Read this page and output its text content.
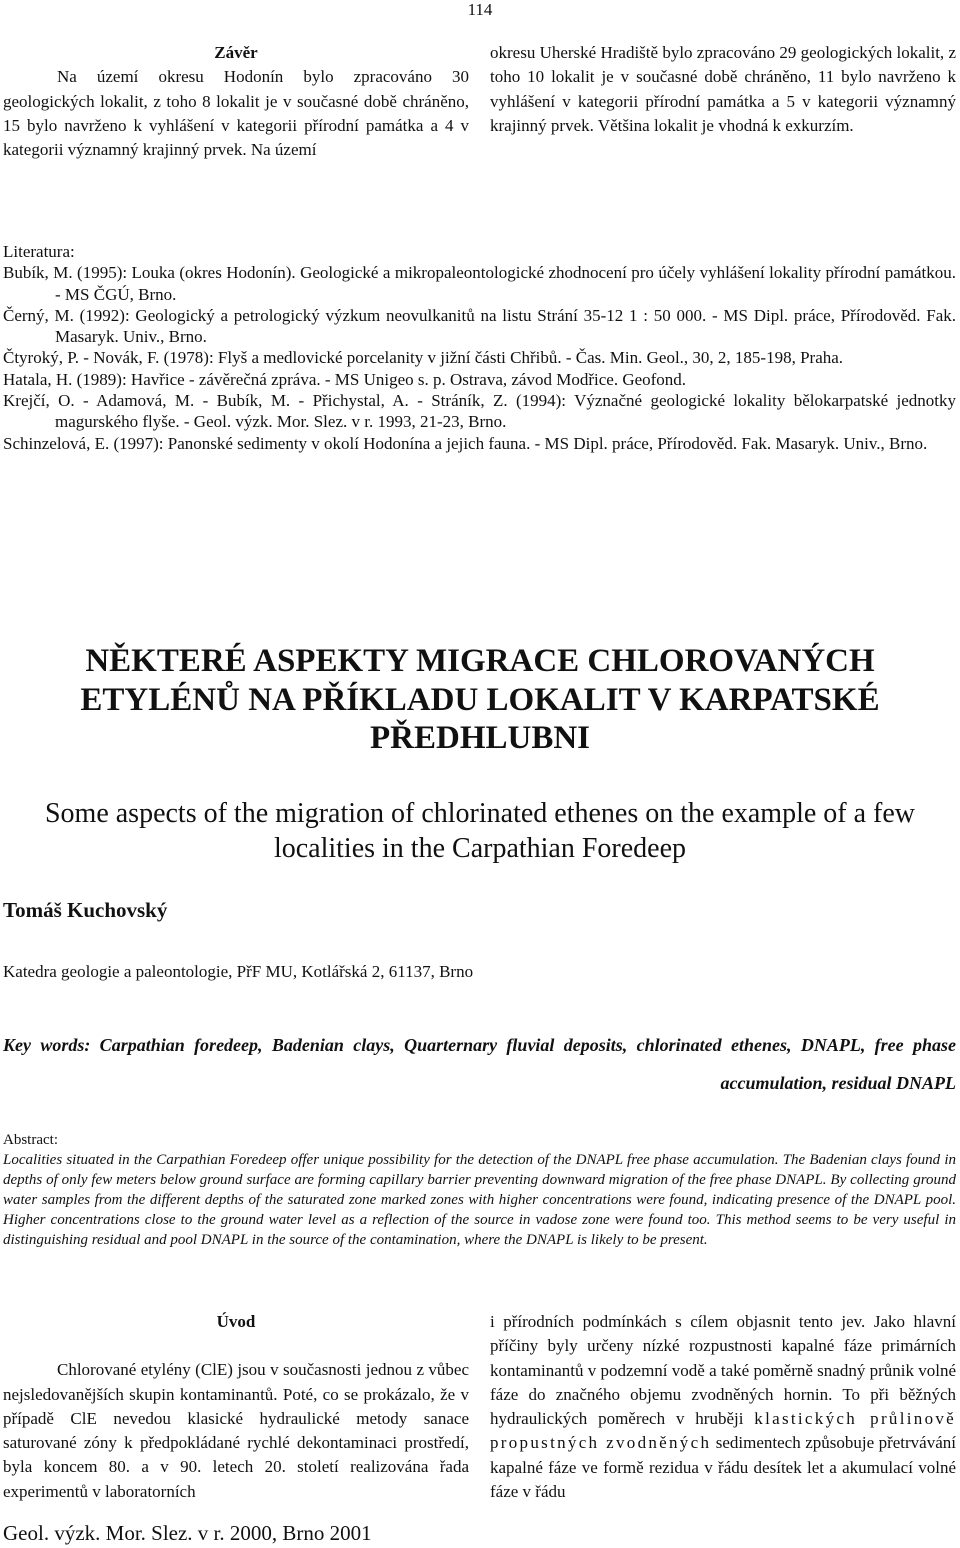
114
Závěr

Na území okresu Hodonín bylo zpracováno 30 geologických lokalit, z toho 8 lokalit je v současné době chráněno, 15 bylo navrženo k vyhlášení v kategorii přírodní památka a 4 v kategorii významný krajinný prvek. Na území

okresu Uherské Hradiště bylo zpracováno 29 geologických lokalit, z toho 10 lokalit je v současné době chráněno, 11 bylo navrženo k vyhlášení v kategorii přírodní památka a 5 v kategorii významný krajinný prvek. Většina lokalit je vhodná k exkurzím.

Literatura:

Bubík, M. (1995): Louka (okres Hodonín). Geologické a mikropaleontologické zhodnocení pro účely vyhlášení lokality přírodní památkou. - MS ČGÚ, Brno.

Černý, M. (1992): Geologický a petrologický výzkum neovulkanitů na listu Strání 35-12 1 : 50 000. - MS Dipl. práce, Přírodověd. Fak. Masaryk. Univ., Brno.

Čtyroký, P. - Novák, F. (1978): Flyš a medlovické porcelanity v jižní části Chřibů. - Čas. Min. Geol., 30, 2, 185-198, Praha.

Hatala, H. (1989): Havřice - závěrečná zpráva. - MS Unigeo s. p. Ostrava, závod Modřice. Geofond.

Krejčí, O. - Adamová, M. - Bubík, M. - Přichystal, A. - Stráník, Z. (1994): Význačné geologické lokality bělokarpatské jednotky magurského flyše. - Geol. výzk. Mor. Slez. v r. 1993, 21-23, Brno.

Schinzelová, E. (1997): Panonské sedimenty v okolí Hodonína a jejich fauna. - MS Dipl. práce, Přírodověd. Fak. Masaryk. Univ., Brno.

NĚKTERÉ ASPEKTY MIGRACE CHLOROVANÝCH
ETYLÉNŮ NA PŘÍKLADU LOKALIT V KARPATSKÉ
PŘEDHLUBNI
Some aspects of the migration of chlorinated ethenes on the example of a few localities in the Carpathian Foredeep
Tomáš Kuchovský
Katedra geologie a paleontologie, PřF MU, Kotlářská 2, 61137, Brno
Key words: Carpathian foredeep, Badenian clays, Quarternary fluvial deposits, chlorinated ethenes, DNAPL, free phase accumulation, residual DNAPL
Abstract:

Localities situated in the Carpathian Foredeep offer unique possibility for the detection of the DNAPL free phase accumulation. The Badenian clays found in depths of only few meters below ground surface are forming capillary barrier preventing downward migration of the free phase DNAPL. By collecting ground water samples from the different depths of the saturated zone marked zones with higher concentrations were found, indicating presence of the DNAPL pool. Higher concentrations close to the ground water level as a reflection of the source in vadose zone were found too. This method seems to be very useful in distinguishing residual and pool DNAPL in the source of the contamination, where the DNAPL is likely to be present.

Úvod

Chlorované etylény (ClE) jsou v současnosti jednou z vůbec nejsledovanějších skupin kontaminantů. Poté, co se prokázalo, že v případě ClE nevedou klasické hydraulické metody sanace saturované zóny k předpokládané rychlé dekontaminaci prostředí, byla koncem 80. a v 90. letech 20. století realizována řada experimentů v laboratorních

i přírodních podmínkách s cílem objasnit tento jev. Jako hlavní příčiny byly určeny nízké rozpustnosti kapalné fáze primárních kontaminantů v podzemní vodě a také poměrně snadný průnik volné fáze do značného objemu zvodněných hornin. To při běžných hydraulických poměrech v hruběji klastických průlinově propustných zvodněných sedimentech způsobuje přetrvávání kapalné fáze ve formě rezidua v řádu desítek let a akumulací volné fáze v řádu

Geol. výzk. Mor. Slez. v r. 2000, Brno 2001
